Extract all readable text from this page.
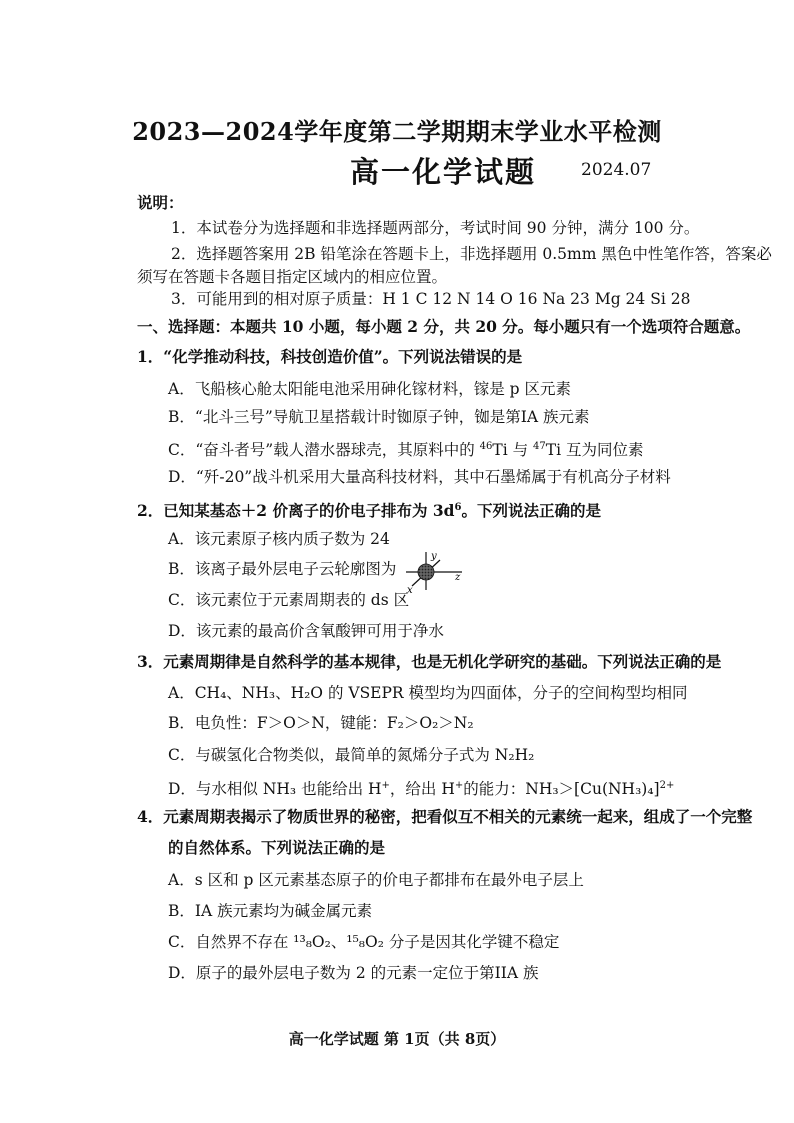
2023—2024学年度第二学期期末学业水平检测
高一化学试题	2024.07
说明：
1．本试卷分为选择题和非选择题两部分，考试时间 90 分钟，满分 100 分。
2．选择题答案用 2B 铅笔涂在答题卡上，非选择题用 0.5mm 黑色中性笔作答，答案必
须写在答题卡各题目指定区域内的相应位置。
3．可能用到的相对原子质量：H 1 C 12 N 14 O 16 Na 23 Mg 24 Si 28
一、选择题：本题共 10 小题，每小题 2 分，共 20 分。每小题只有一个选项符合题意。
1．“化学推动科技，科技创造价值”。下列说法错误的是
A．飞船核心舱太阳能电池采用砷化镓材料，镓是 p 区元素
B．“北斗三号”导航卫星搭载计时铷原子钟，铷是第IA 族元素
C．“奋斗者号”载人潜水器球壳，其原料中的 $^{46}$Ti 与 $^{47}$Ti 互为同位素
D．“歼-20”战斗机采用大量高科技材料，其中石墨烯属于有机高分子材料
2．已知某基态＋2 价离子的价电子排布为 $3d^6$。下列说法正确的是
A．该元素原子核内质子数为 24
B．该离子最外层电子云轮廓图为
y
x
z
C．该元素位于元素周期表的 ds 区
D．该元素的最高价含氧酸钾可用于净水
3．元素周期律是自然科学的基本规律，也是无机化学研究的基础。下列说法正确的是
A．CH₄、NH₃、H₂O 的 VSEPR 模型均为四面体，分子的空间构型均相同
B．电负性：F＞O＞N，键能：F₂＞O₂＞N₂
C．与碳氢化合物类似，最简单的氮烯分子式为 N₂H₂
D．与水相似 NH₃ 也能给出 H+，给出 H+的能力：$NH_3>[Cu(NH_3)_4]^{2+}$
4．元素周期表揭示了物质世界的秘密，把看似互不相关的元素统一起来，组成了一个完整
的自然体系。下列说法正确的是
A．s 区和 p 区元素基态原子的价电子都排布在最外电子层上
B．IA 族元素均为碱金属元素
C．自然界不存在 ¹³₈O₂、¹⁵₈O₂ 分子是因其化学键不稳定
D．原子的最外层电子数为 2 的元素一定位于第IIA 族
高一化学试题 第 1页（共 8页）
